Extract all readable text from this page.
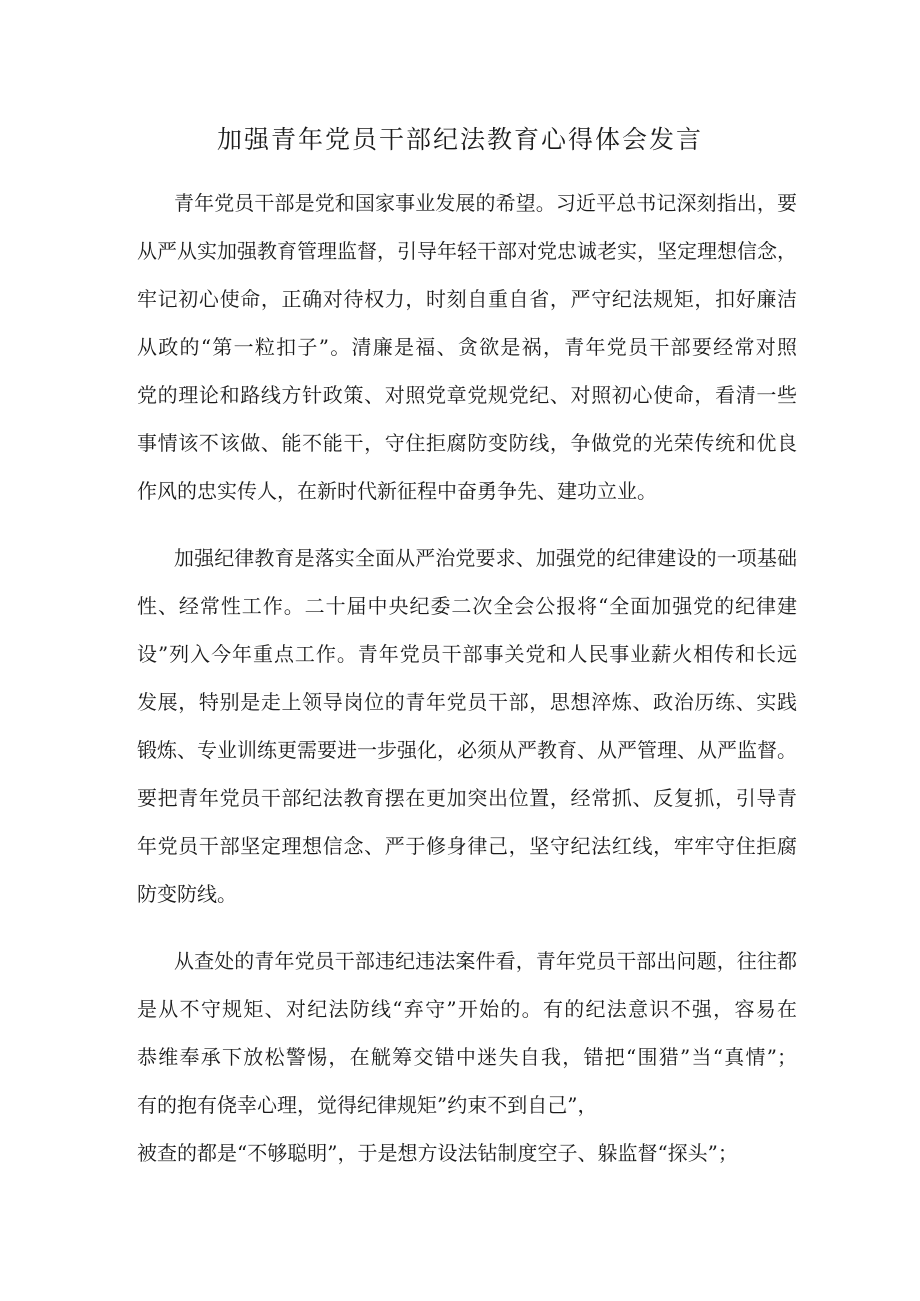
加强青年党员干部纪法教育心得体会发言
青年党员干部是党和国家事业发展的希望。习近平总书记深刻指出，要
从严从实加强教育管理监督，引导年轻干部对党忠诚老实，坚定理想信念，
牢记初心使命，正确对待权力，时刻自重自省，严守纪法规矩，扣好廉洁
从政的“第一粒扣子”。清廉是福、贪欲是祸，青年党员干部要经常对照
党的理论和路线方针政策、对照党章党规党纪、对照初心使命，看清一些
事情该不该做、能不能干，守住拒腐防变防线，争做党的光荣传统和优良
作风的忠实传人，在新时代新征程中奋勇争先、建功立业。
加强纪律教育是落实全面从严治党要求、加强党的纪律建设的一项基础
性、经常性工作。二十届中央纪委二次全会公报将“全面加强党的纪律建
设”列入今年重点工作。青年党员干部事关党和人民事业薪火相传和长远
发展，特别是走上领导岗位的青年党员干部，思想淬炼、政治历练、实践
锻炼、专业训练更需要进一步强化，必须从严教育、从严管理、从严监督。
要把青年党员干部纪法教育摆在更加突出位置，经常抓、反复抓，引导青
年党员干部坚定理想信念、严于修身律己，坚守纪法红线，牢牢守住拒腐
防变防线。
从查处的青年党员干部违纪违法案件看，青年党员干部出问题，往往都
是从不守规矩、对纪法防线“弃守”开始的。有的纪法意识不强，容易在
恭维奉承下放松警惕，在觥筹交错中迷失自我，错把“围猎”当“真情”；
有的抱有侥幸心理，觉得纪律规矩”约束不到自己”，
被查的都是“不够聪明”，于是想方设法钻制度空子、躲监督“探头”；
